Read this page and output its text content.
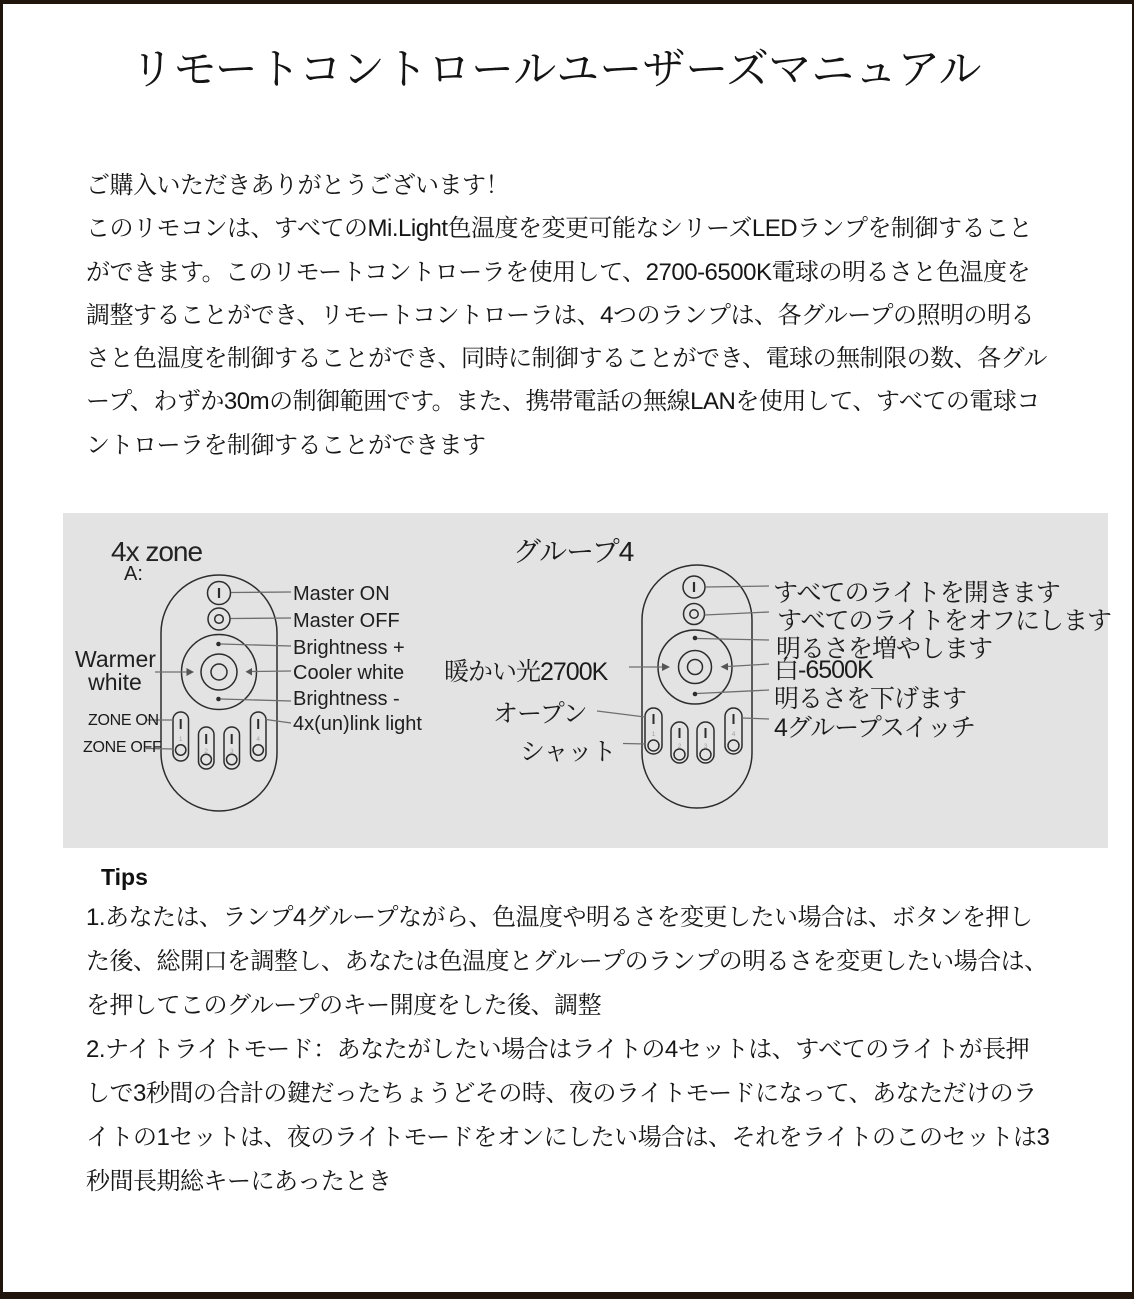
リモートコントロールユーザーズマニュアル
ご購入いただきありがとうございます！
このリモコンは、すべてのMi.Light色温度を変更可能なシリーズLEDランプを制御すること
ができます。このリモートコントローラを使用して、2700-6500K電球の明るさと色温度を
調整することができ、リモートコントローラは、4つのランプは、各グループの照明の明る
さと色温度を制御することができ、同時に制御することができ、電球の無制限の数、各グル
ープ、わずか30mの制御範囲です。また、携帯電話の無線LANを使用して、すべての電球コ
ントローラを制御することができます
1
2	3
4
1
2	3
4
4x zone
A:
Master ON
Master OFF
Brightness +
Cooler white
Brightness -
4x(un)link light
Warmer white
ZONE ON
ZONE OFF
グループ4
すべてのライトを開きます
すべてのライトをオフにします
明るさを増やします
白-6500K
明るさを下げます
4グループスイッチ
暖かい光2700K
オープン
シャット
Tips
1.あなたは、ランプ4グループながら、色温度や明るさを変更したい場合は、ボタンを押し
た後、総開口を調整し、あなたは色温度とグループのランプの明るさを変更したい場合は、
を押してこのグループのキー開度をした後、調整
2.ナイトライトモード：あなたがしたい場合はライトの4セットは、すべてのライトが長押
しで3秒間の合計の鍵だったちょうどその時、夜のライトモードになって、あなただけのラ
イトの1セットは、夜のライトモードをオンにしたい場合は、それをライトのこのセットは3
秒間長期総キーにあったとき
